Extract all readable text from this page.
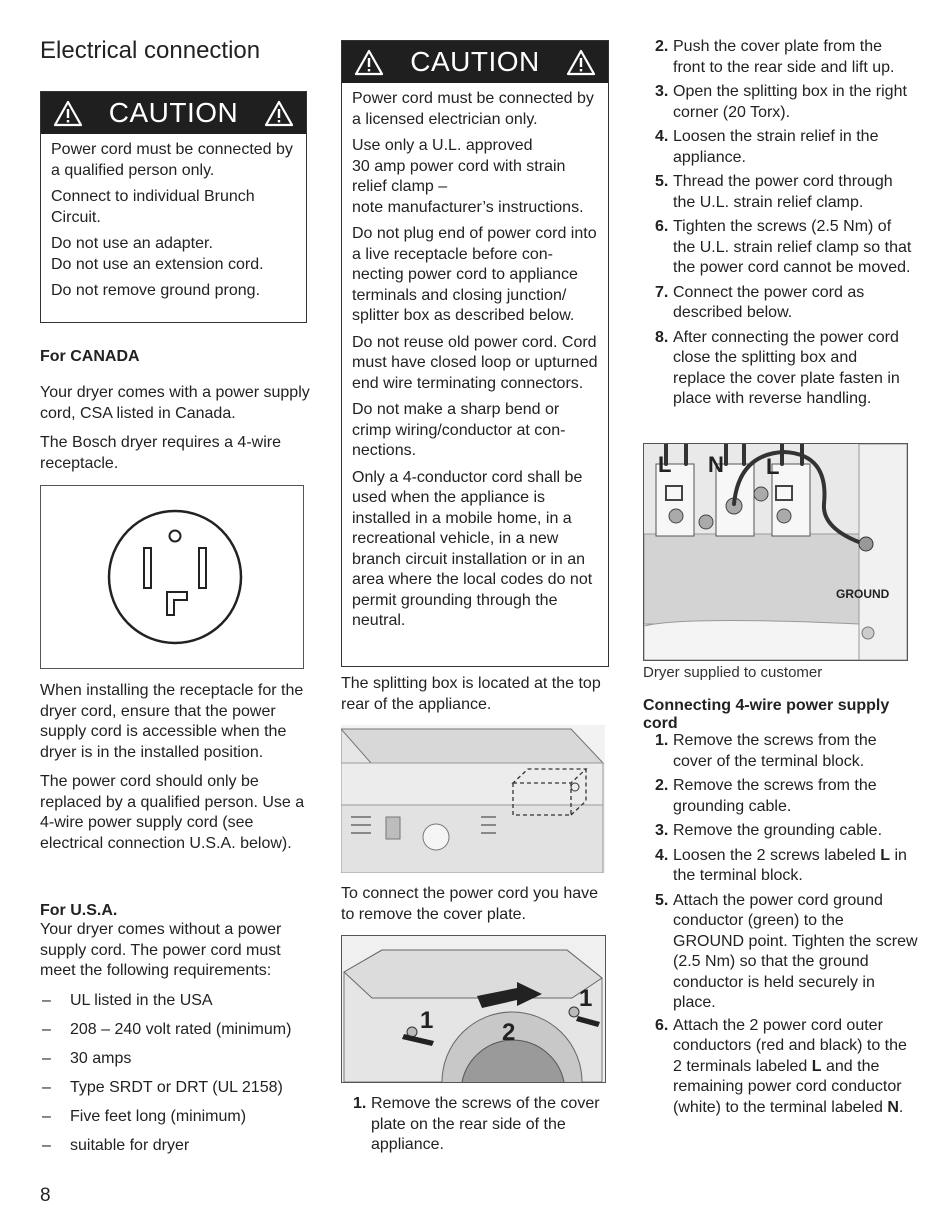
Electrical connection
CAUTION

Power cord must be connected by a qualified person only.

Connect to individual Brunch Circuit.

Do not use an adapter.
Do not use an extension cord.

Do not remove ground prong.

For CANADA

Your dryer comes with a power supply cord, CSA listed in Canada.

The Bosch dryer requires a 4-wire receptacle.

When installing the receptacle for the dryer cord, ensure that the power supply cord is accessible when the dryer is in the installed position.

The power cord should only be replaced by a qualified person. Use a 4-wire power supply cord (see electrical connection U.S.A. below).

For U.S.A.

Your dryer comes without a power supply cord. The power cord must meet the following requirements:

– UL listed in the USA
– 208 – 240 volt rated (minimum)
– 30 amps
– Type SRDT or DRT (UL 2158)
– Five feet long (minimum)
– suitable for dryer
8
CAUTION

Power cord must be connected by a licensed electrician only.

Use only a U.L. approved
30 amp power cord with strain relief clamp –
note manufacturer’s instructions.

Do not plug end of power cord into a live receptacle before con-necting power cord to appliance terminals and closing junction/ splitter box as described below.

Do not reuse old power cord. Cord must have closed loop or upturned end wire terminating connectors.

Do not make a sharp bend or crimp wiring/conductor at con-nections.

Only a 4-conductor cord shall be used when the appliance is installed in a mobile home, in a recreational vehicle, in a new branch circuit installation or in an area where the local codes do not permit grounding through the neutral.

The splitting box is located at the top rear of the appliance.
To connect the power cord you have to remove the cover plate.
1	2
1
1. Remove the screws of the cover plate on the rear side of the appliance.
2. Push the cover plate from the front to the rear side and lift up.
3. Open the splitting box in the right corner (20 Torx).
4. Loosen the strain relief in the appliance.
5. Thread the power cord through the U.L. strain relief clamp.
6. Tighten the screws (2.5 Nm) of the U.L. strain relief clamp so that the power cord cannot be moved.
7. Connect the power cord as described below.
8. After connecting the power cord close the splitting box and replace the cover plate fasten in place with reverse handling.
L N L
GROUND
Dryer supplied to customer
Connecting 4-wire power supply cord
1. Remove the screws from the cover of the terminal block.
2. Remove the screws from the grounding cable.
3. Remove the grounding cable.
4. Loosen the 2 screws labeled L in the terminal block.
5. Attach the power cord ground conductor (green) to the GROUND point. Tighten the screw (2.5 Nm) so that the ground conductor is held securely in place.
6. Attach the 2 power cord outer conductors (red and black) to the 2 terminals labeled L and the remaining power cord conductor (white) to the terminal labeled N.
